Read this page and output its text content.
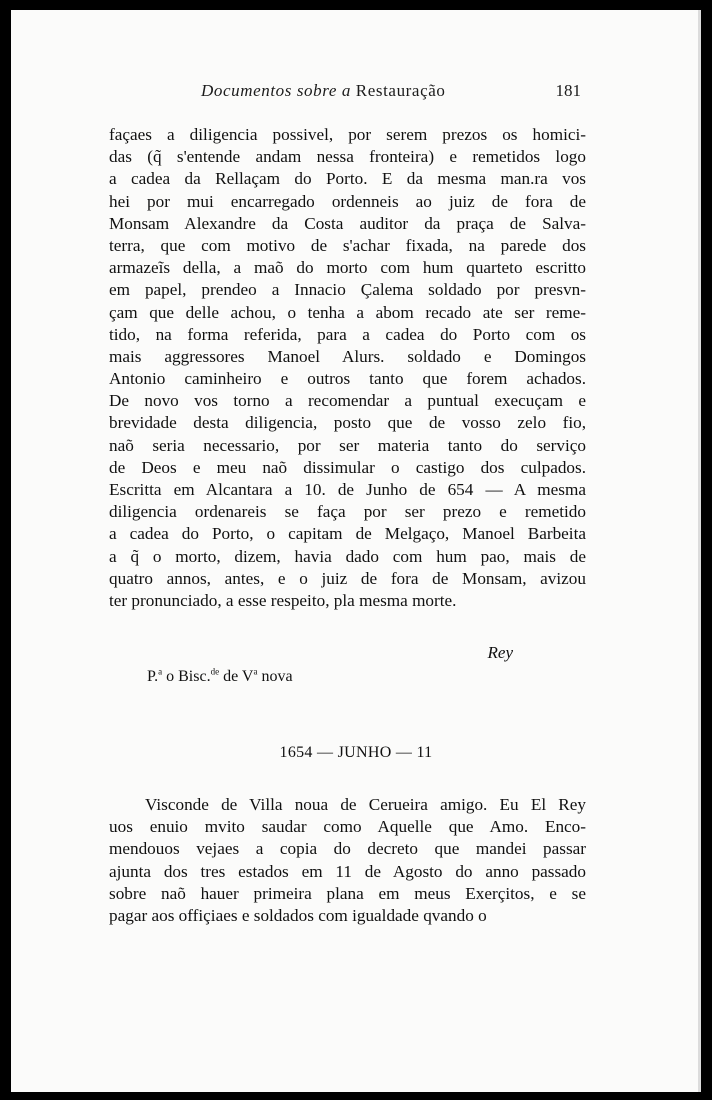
Documentos sobre a Restauração	181
façaes a diligencia possivel, por serem prezos os homici-
das (q̃ s'entende andam nessa fronteira) e remetidos logo
a cadea da Rellaçam do Porto. E da mesma man.ra vos
hei por mui encarregado ordenneis ao juiz de fora de
Monsam Alexandre da Costa auditor da praça de Salva-
terra, que com motivo de s'achar fixada, na parede dos
armazeĩs della, a maõ do morto com hum quarteto escritto
em papel, prendeo a Innacio Çalema soldado por presvn-
çam que delle achou, o tenha a abom recado ate ser reme-
tido, na forma referida, para a cadea do Porto com os
mais aggressores Manoel Alurs. soldado e Domingos
Antonio caminheiro e outros tanto que forem achados.
De novo vos torno a recomendar a puntual execuçam e
brevidade desta diligencia, posto que de vosso zelo fio,
naõ seria necessario, por ser materia tanto do serviço
de Deos e meu naõ dissimular o castigo dos culpados.
Escritta em Alcantara a 10. de Junho de 654 — A mesma
diligencia ordenareis se faça por ser prezo e remetido
a cadea do Porto, o capitam de Melgaço, Manoel Barbeita
a q̃ o morto, dizem, havia dado com hum pao, mais de
quatro annos, antes, e o juiz de fora de Monsam, avizou
ter pronunciado, a esse respeito, pla mesma morte.
Rey
P.$^a$ o Bisc.$^{de}$ de $V^a$ nova
1654 — JUNHO — 11
Visconde de Villa noua de Cerueira amigo. Eu El Rey
uos enuio mvito saudar como Aquelle que Amo. Enco-
mendouos vejaes a copia do decreto que mandei passar
ajunta dos tres estados em 11 de Agosto do anno passado
sobre naõ hauer primeira plana em meus Exerçitos, e se
pagar aos offiçiaes e soldados com igualdade qvando o
